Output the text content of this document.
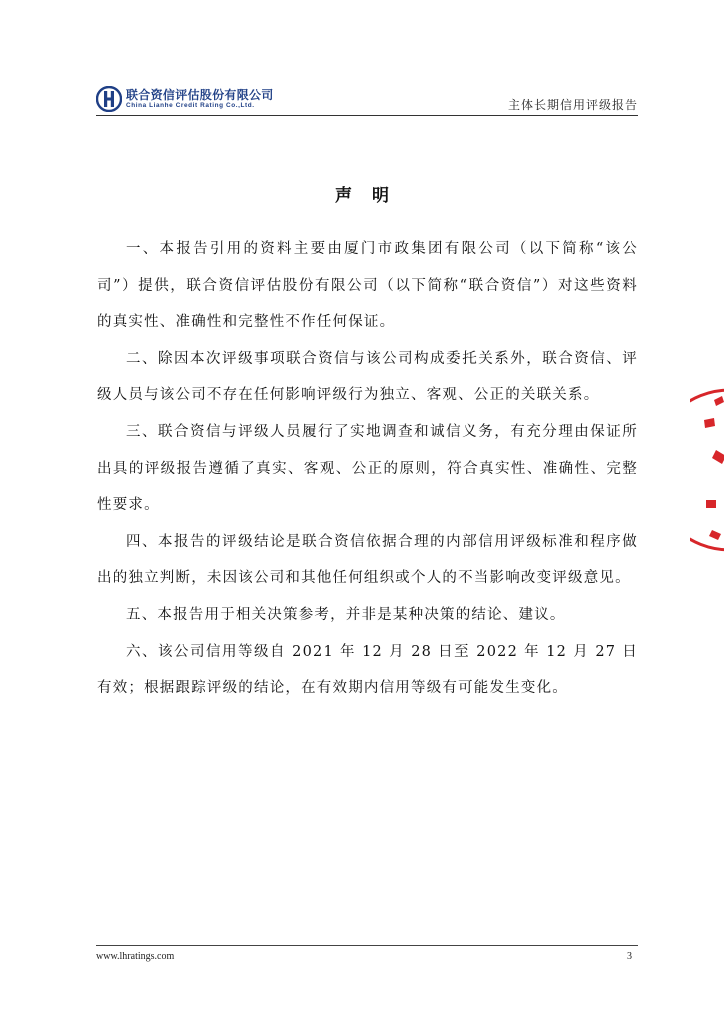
联合资信评估股份有限公司
China Lianhe Credit Rating Co.,Ltd.	主体长期信用评级报告
声明

一、本报告引用的资料主要由厦门市政集团有限公司（以下简称“该公司”）提供，联合资信评估股份有限公司（以下简称“联合资信”）对这些资料的真实性、准确性和完整性不作任何保证。

二、除因本次评级事项联合资信与该公司构成委托关系外，联合资信、评级人员与该公司不存在任何影响评级行为独立、客观、公正的关联关系。

三、联合资信与评级人员履行了实地调查和诚信义务，有充分理由保证所出具的评级报告遵循了真实、客观、公正的原则，符合真实性、准确性、完整性要求。

四、本报告的评级结论是联合资信依据合理的内部信用评级标准和程序做出的独立判断，未因该公司和其他任何组织或个人的不当影响改变评级意见。

五、本报告用于相关决策参考，并非是某种决策的结论、建议。

六、该公司信用等级自 2021 年 12 月 28 日至 2022 年 12 月 27 日有效；根据跟踪评级的结论，在有效期内信用等级有可能发生变化。

www.lhratings.com	3
